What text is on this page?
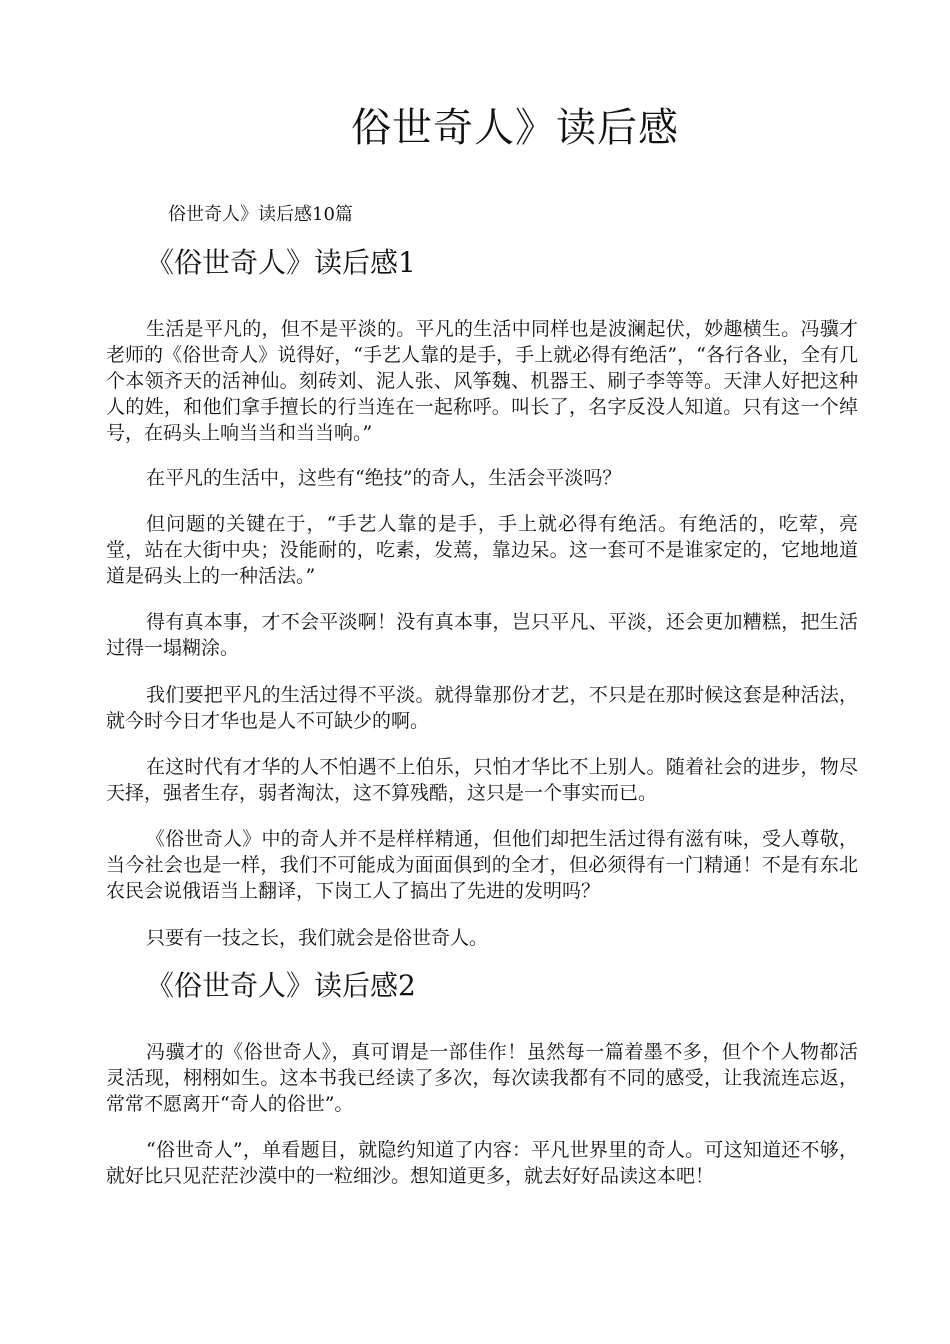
俗世奇人》读后感

俗世奇人》读后感10篇

《俗世奇人》读后感1

生活是平凡的，但不是平淡的。平凡的生活中同样也是波澜起伏，妙趣横生。冯骥才老师的《俗世奇人》说得好，“手艺人靠的是手，手上就必得有绝活”，“各行各业，全有几个本领齐天的活神仙。刻砖刘、泥人张、风筝魏、机器王、刷子李等等。天津人好把这种人的姓，和他们拿手擅长的行当连在一起称呼。叫长了，名字反没人知道。只有这一个绰号，在码头上响当当和当当响。”

在平凡的生活中，这些有“绝技”的奇人，生活会平淡吗？

但问题的关键在于，“手艺人靠的是手，手上就必得有绝活。有绝活的，吃荤，亮堂，站在大街中央；没能耐的，吃素，发蔫，靠边呆。这一套可不是谁家定的，它地地道道是码头上的一种活法。”

得有真本事，才不会平淡啊！没有真本事，岂只平凡、平淡，还会更加糟糕，把生活过得一塌糊涂。

我们要把平凡的生活过得不平淡。就得靠那份才艺，不只是在那时候这套是种活法，就今时今日才华也是人不可缺少的啊。

在这时代有才华的人不怕遇不上伯乐，只怕才华比不上别人。随着社会的进步，物尽天择，强者生存，弱者淘汰，这不算残酷，这只是一个事实而已。

《俗世奇人》中的奇人并不是样样精通，但他们却把生活过得有滋有味，受人尊敬，当今社会也是一样，我们不可能成为面面俱到的全才，但必须得有一门精通！不是有东北农民会说俄语当上翻译，下岗工人了搞出了先进的发明吗？

只要有一技之长，我们就会是俗世奇人。

《俗世奇人》读后感2

冯骥才的《俗世奇人》，真可谓是一部佳作！虽然每一篇着墨不多，但个个人物都活灵活现，栩栩如生。这本书我已经读了多次，每次读我都有不同的感受，让我流连忘返，常常不愿离开“奇人的俗世”。

“俗世奇人”，单看题目，就隐约知道了内容：平凡世界里的奇人。可这知道还不够，就好比只见茫茫沙漠中的一粒细沙。想知道更多，就去好好品读这本吧！
